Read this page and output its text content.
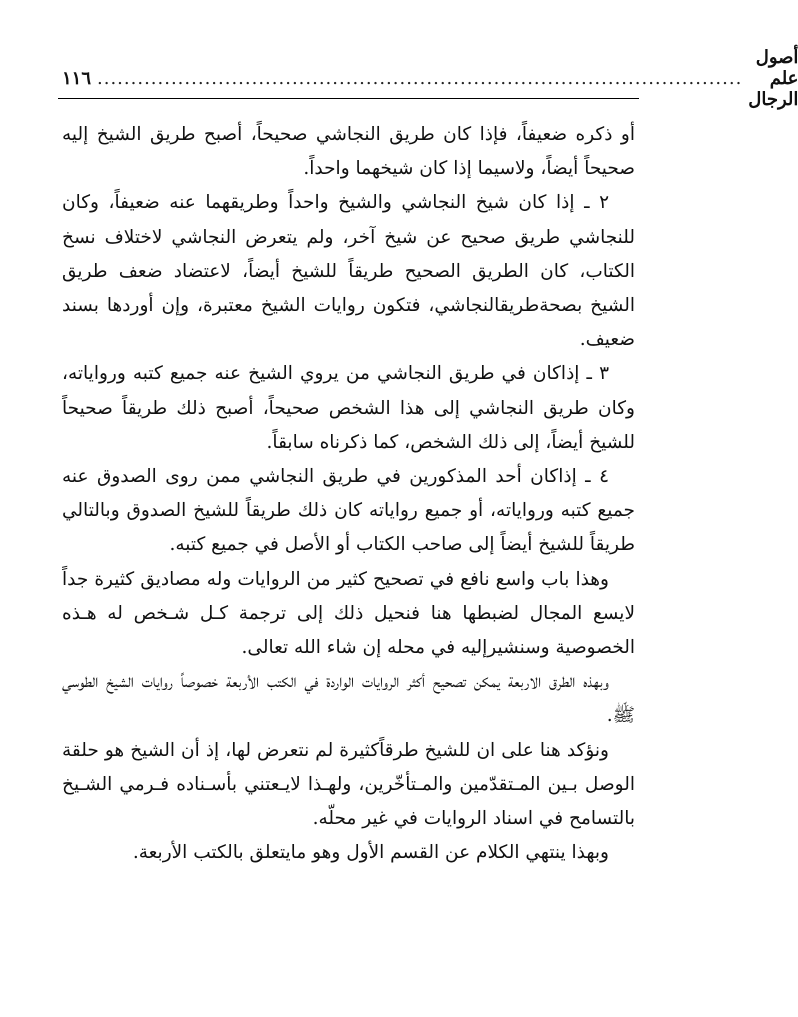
١١٦ ................................................................................................
أصول علم الرجال

أو ذكره ضعيفاً، فإذا كان طريق النجاشي صحيحاً، أصبح طريق الشيخ إليه صحيحاً أيضاً، ولاسيما إذا كان شيخهما واحداً.

٢ ـ إذا كان شيخ النجاشي والشيخ واحداً وطريقهما عنه ضعيفاً، وكان للنجاشي طريق صحيح عن شيخ آخر، ولم يتعرض النجاشي لاختلاف نسخ الكتاب، كان الطريق الصحيح طريقاً للشيخ أيضاً، لاعتضاد ضعف طريق الشيخ بصحةطريقالنجاشي، فتكون روايات الشيخ معتبرة، وإن أوردها بسند ضعيف.

٣ ـ إذاكان في طريق النجاشي من يروي الشيخ عنه جميع كتبه ورواياته، وكان طريق النجاشي إلى هذا الشخص صحيحاً، أصبح ذلك طريقاً صحيحاً للشيخ أيضاً، إلى ذلك الشخص، كما ذكرناه سابقاً.

٤ ـ إذاكان أحد المذكورين في طريق النجاشي ممن روى الصدوق عنه جميع كتبه ورواياته، أو جميع رواياته كان ذلك طريقاً للشيخ الصدوق وبالتالي طريقاً للشيخ أيضاً إلى صاحب الكتاب أو الأصل في جميع كتبه.

وهذا باب واسع نافع في تصحيح كثير من الروايات وله مصاديق كثيرة جداً لايسع المجال لضبطها هنا فنحيل ذلك إلى ترجمة كـل شـخص له هـذه الخصوصية وسنشيرإليه في محله إن شاء الله تعالى.

وبهذه الطرق الاربعة يمكن تصحيح أكثر الروايات الواردة في الكتب الأربعة خصوصاً روايات الشيخ الطوسي ﷺ.

ونؤكد هنا على ان للشيخ طرقاًكثيرة لم نتعرض لها، إذ أن الشيخ هو حلقة الوصل بـين المـتقدّمين والمـتأخّرين، ولهـذا لايـعتني بأسـناده فـرمي الشـيخ بالتسامح في اسناد الروايات في غير محلّه.

وبهذا ينتهي الكلام عن القسم الأول وهو مايتعلق بالكتب الأربعة.
